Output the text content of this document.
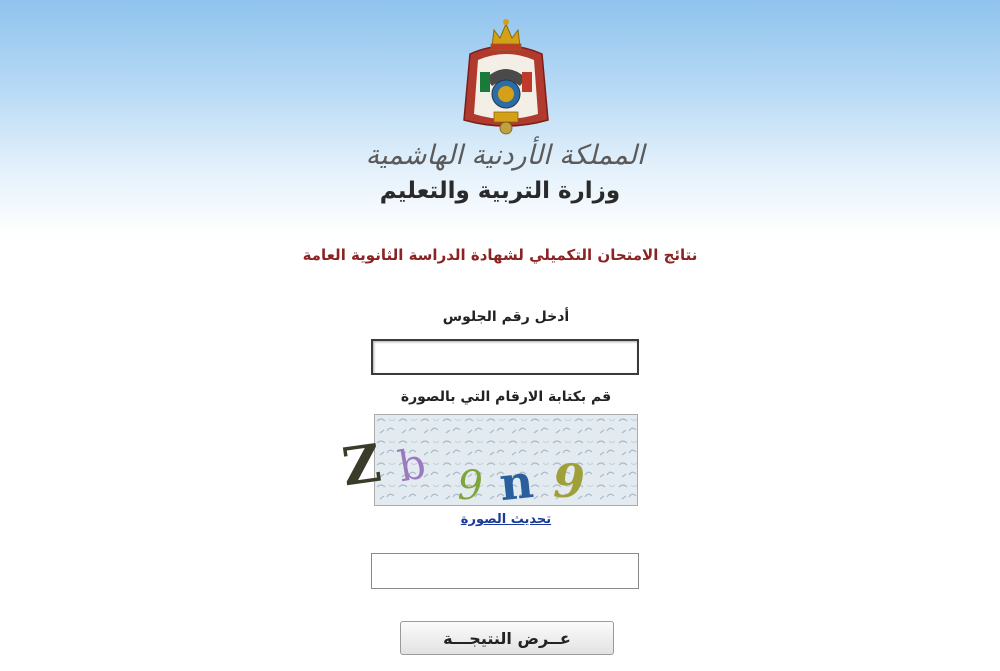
المملكة الأردنية الهاشمية
وزارة التربية والتعليم
نتائج الامتحان التكميلي لشهادة الدراسة الثانوية العامة
أدخل رقم الجلوس
قم بكتابة الارقام التي بالصورة
Z b 9 n 9
تحديث الصورة
عــرض النتيجـــة
